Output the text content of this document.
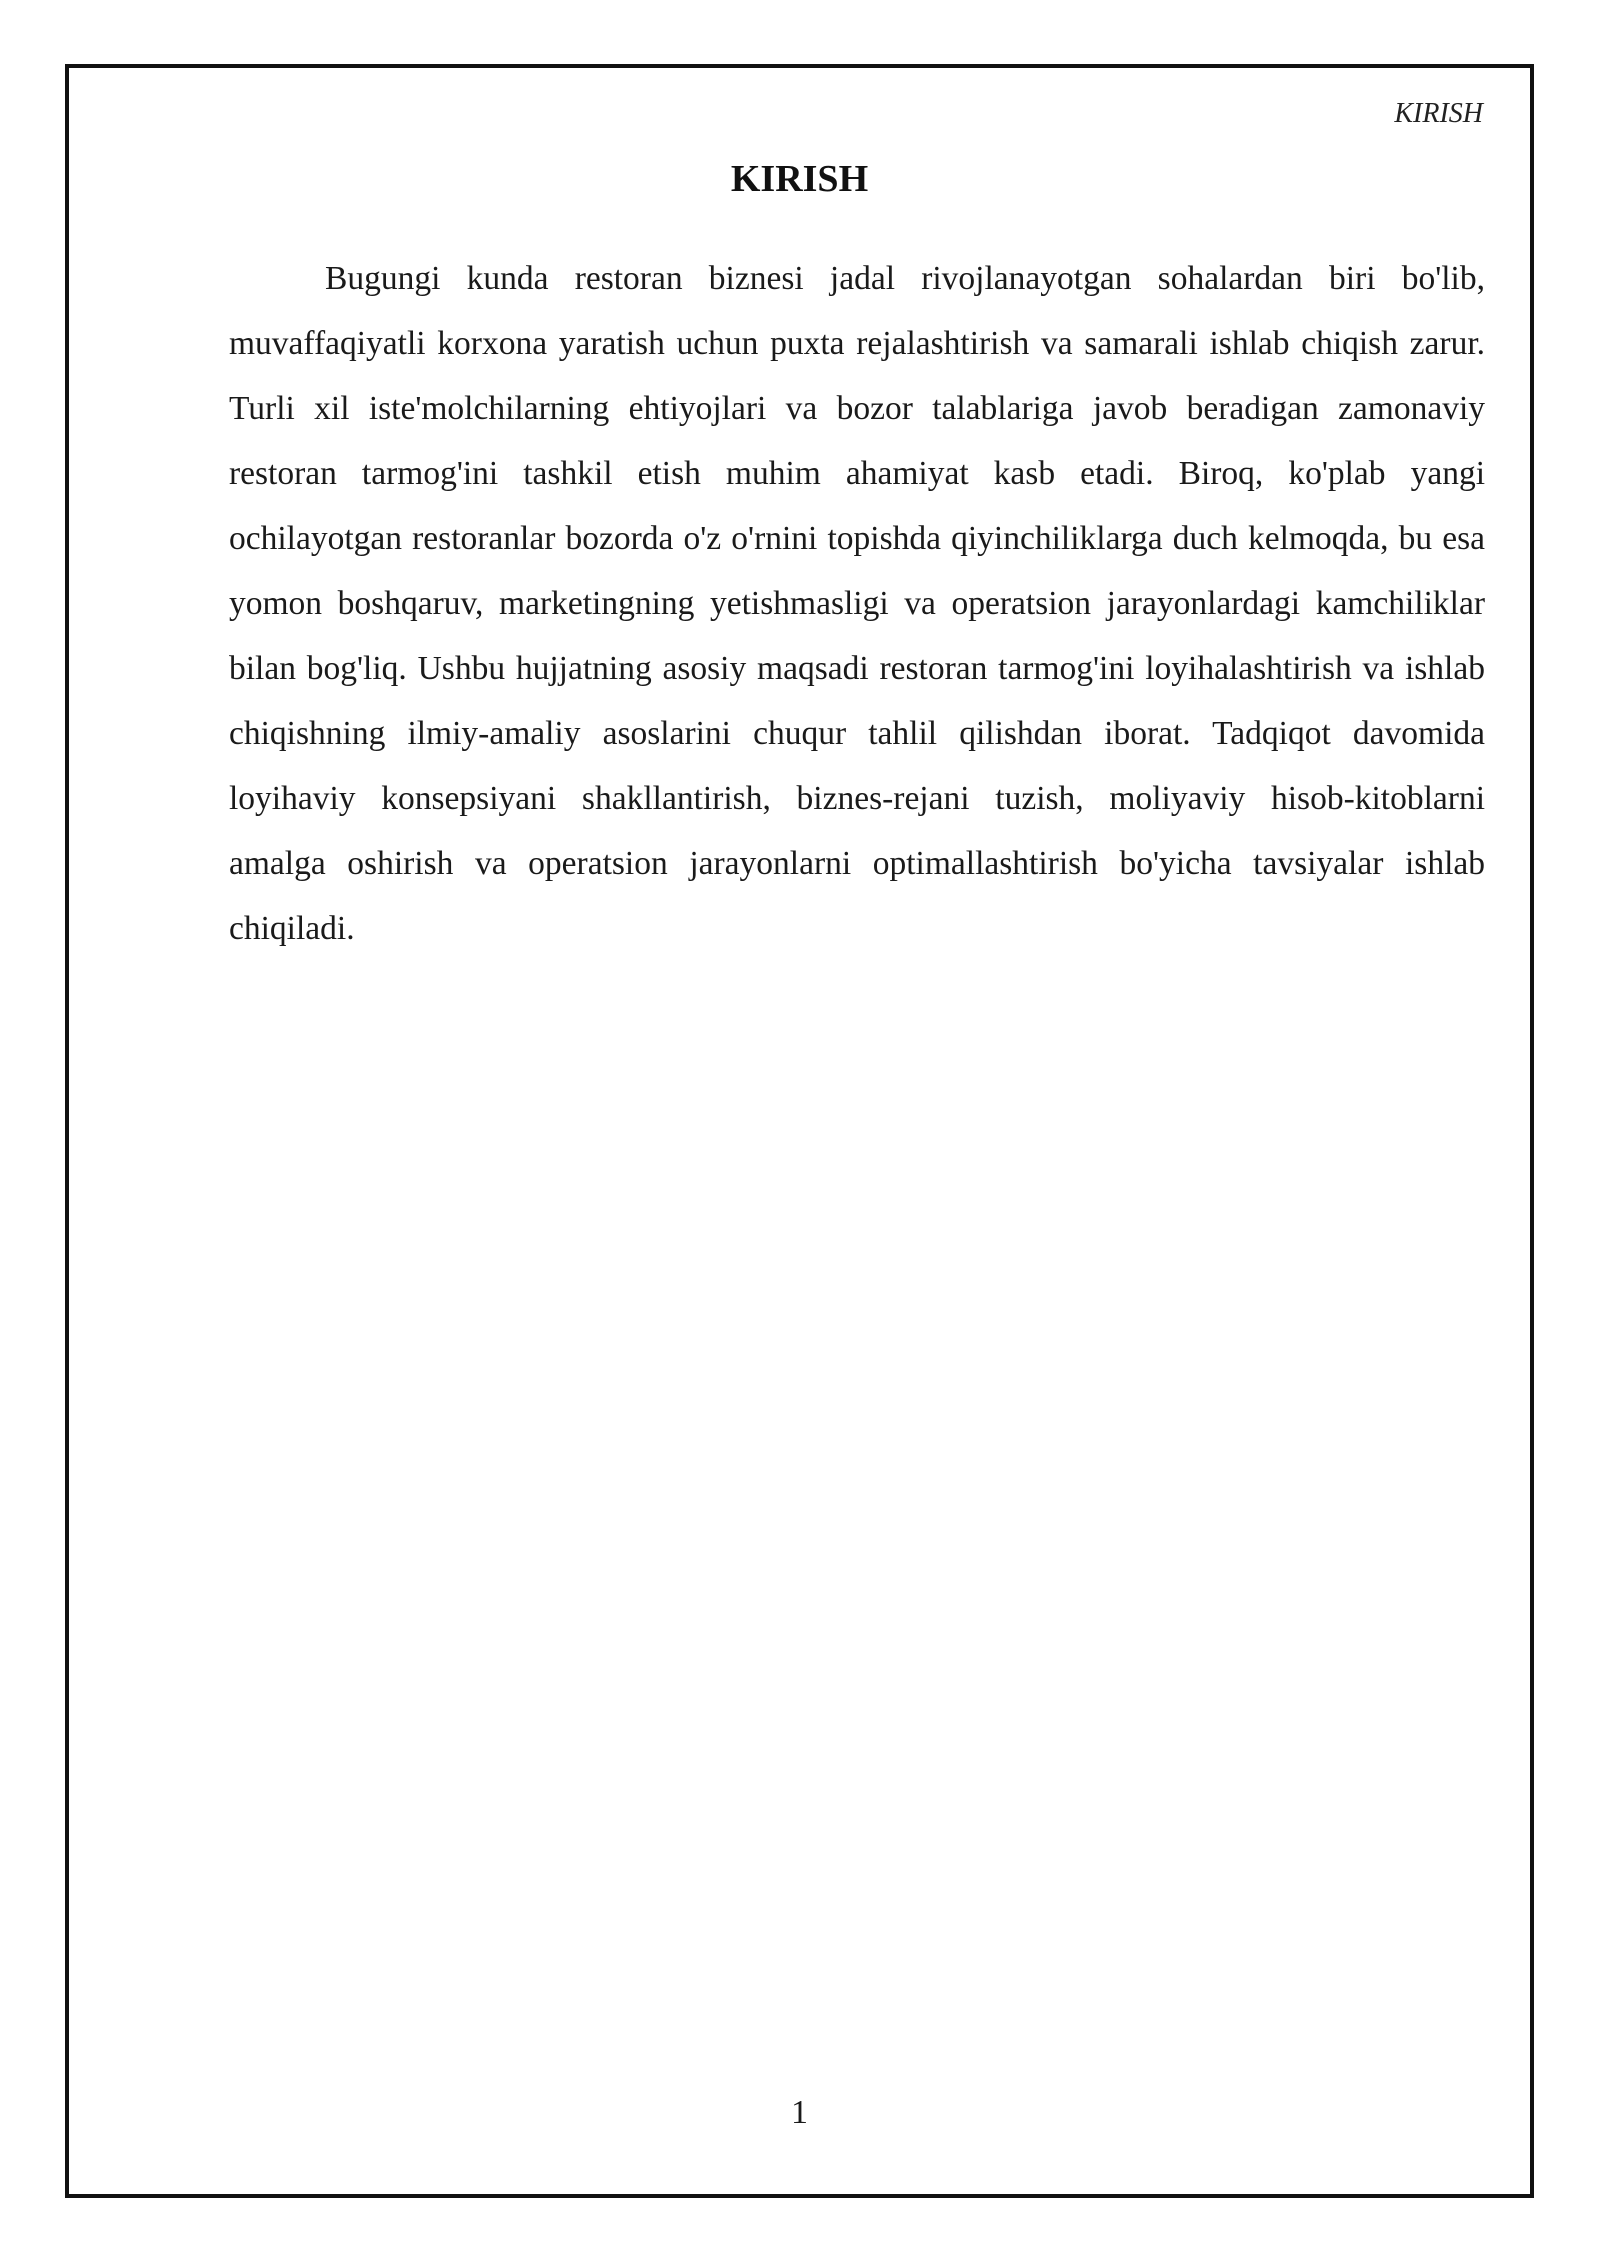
KIRISH
KIRISH

Bugungi kunda restoran biznesi jadal rivojlanayotgan sohalardan biri bo'lib, muvaffaqiyatli korxona yaratish uchun puxta rejalashtirish va samarali ishlab chiqish zarur. Turli xil iste'molchilarning ehtiyojlari va bozor talablariga javob beradigan zamonaviy restoran tarmog'ini tashkil etish muhim ahamiyat kasb etadi. Biroq, ko'plab yangi ochilayotgan restoranlar bozorda o'z o'rnini topishda qiyinchiliklarga duch kelmoqda, bu esa yomon boshqaruv, marketingning yetishmasligi va operatsion jarayonlardagi kamchiliklar bilan bog'liq. Ushbu hujjatning asosiy maqsadi restoran tarmog'ini loyihalashtirish va ishlab chiqishning ilmiy-amaliy asoslarini chuqur tahlil qilishdan iborat. Tadqiqot davomida loyihaviy konsepsiyani shakllantirish, biznes-rejani tuzish, moliyaviy hisob-kitoblarni amalga oshirish va operatsion jarayonlarni optimallashtirish bo'yicha tavsiyalar ishlab chiqiladi.

1
